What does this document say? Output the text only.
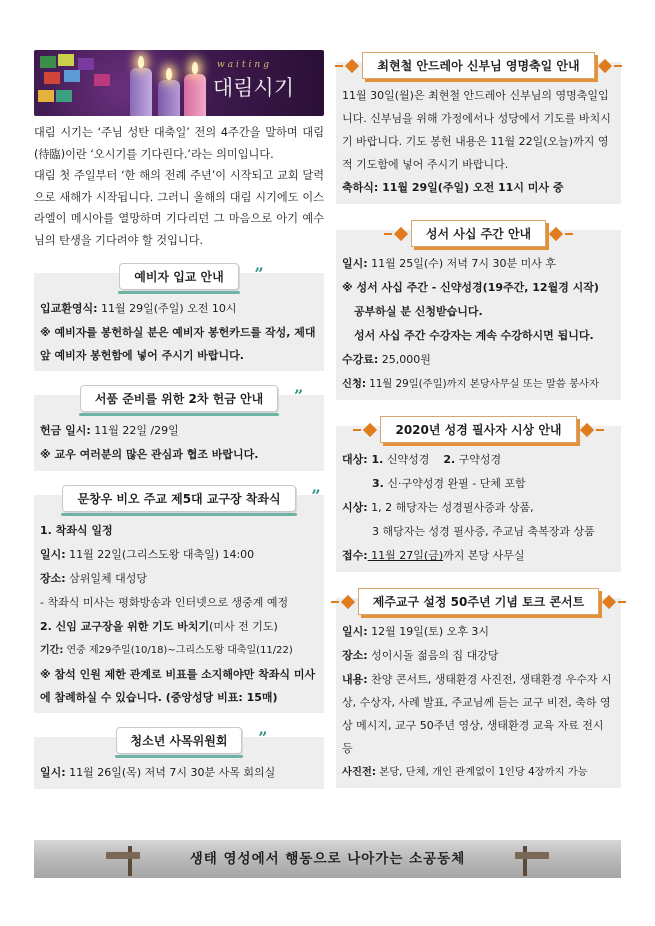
waiting
대림시기
대림 시기는 ‘주님 성탄 대축일’ 전의 4주간을 말하며 대림(待臨)이란 ‘오시기를 기다린다.’라는 의미입니다.
대림 첫 주일부터 ‘한 해의 전례 주년’이 시작되고 교회 달력으로 새해가 시작됩니다. 그러니 올해의 대림 시기에도 이스라엘이 메시아를 열망하며 기다리던 그 마음으로 아기 예수님의 탄생을 기다려야 할 것입니다.
예비자 입교 안내 ”
입교환영식: 11월 29일(주일) 오전 10시
※ 예비자를 봉헌하실 분은 예비자 봉헌카드를 작성, 제대 앞 예비자 봉헌함에 넣어 주시기 바랍니다.
서품 준비를 위한 2차 헌금 안내 ”
헌금 일시: 11월 22일 /29일
※ 교우 여러분의 많은 관심과 협조 바랍니다.
문창우 비오 주교 제5대 교구장 착좌식 ”
1. 착좌식 일정
일시: 11월 22일(그리스도왕 대축일) 14:00
장소: 삼위일체 대성당
- 착좌식 미사는 평화방송과 인터넷으로 생중계 예정
2. 신임 교구장을 위한 기도 바치기(미사 전 기도)
기간: 연중 제29주일(10/18)~그리스도왕 대축일(11/22)
※ 참석 인원 제한 관계로 비표를 소지해야만 착좌식 미사에 참례하실 수 있습니다. (중앙성당 비표: 15매)
청소년 사목위원회 ”
일시: 11월 26일(목) 저녁 7시 30분 사목 회의실
최현철 안드레아 신부님 영명축일 안내
11월 30일(월)은 최현철 안드레아 신부님의 영명축일입니다. 신부님을 위해 가정에서나 성당에서 기도를 바치시기 바랍니다. 기도 봉헌 내용은 11월 22일(오늘)까지 영적 기도함에 넣어 주시기 바랍니다.
축하식: 11월 29일(주일) 오전 11시 미사 중
성서 사십 주간 안내
일시: 11월 25일(수) 저녁 7시 30분 미사 후
※ 성서 사십 주간 - 신약성경(19주간, 12월경 시작)
공부하실 분 신청받습니다.
성서 사십 주간 수강자는 계속 수강하시면 됩니다.
수강료: 25,000원
신청: 11월 29일(주일)까지 본당사무실 또는 말씀 봉사자
2020년 성경 필사자 시상 안내
대상: 1. 신약성경 2. 구약성경
3. 신·구약성경 완필 - 단체 포함
시상: 1, 2 해당자는 성경필사증과 상품,
3 해당자는 성경 필사증, 주교님 축복장과 상품
접수: 11월 27일(금)까지 본당 사무실
제주교구 설정 50주년 기념 토크 콘서트
일시: 12월 19일(토) 오후 3시
장소: 성이시돌 젊음의 집 대강당
내용: 찬양 콘서트, 생태환경 사진전, 생태환경 우수자 시상, 수상자, 사례 발표, 주교님께 듣는 교구 비전, 축하 영상 메시지, 교구 50주년 영상, 생태환경 교육 자료 전시 등
사진전: 본당, 단체, 개인 관계없이 1인당 4장까지 가능
생태 영성에서 행동으로 나아가는 소공동체
